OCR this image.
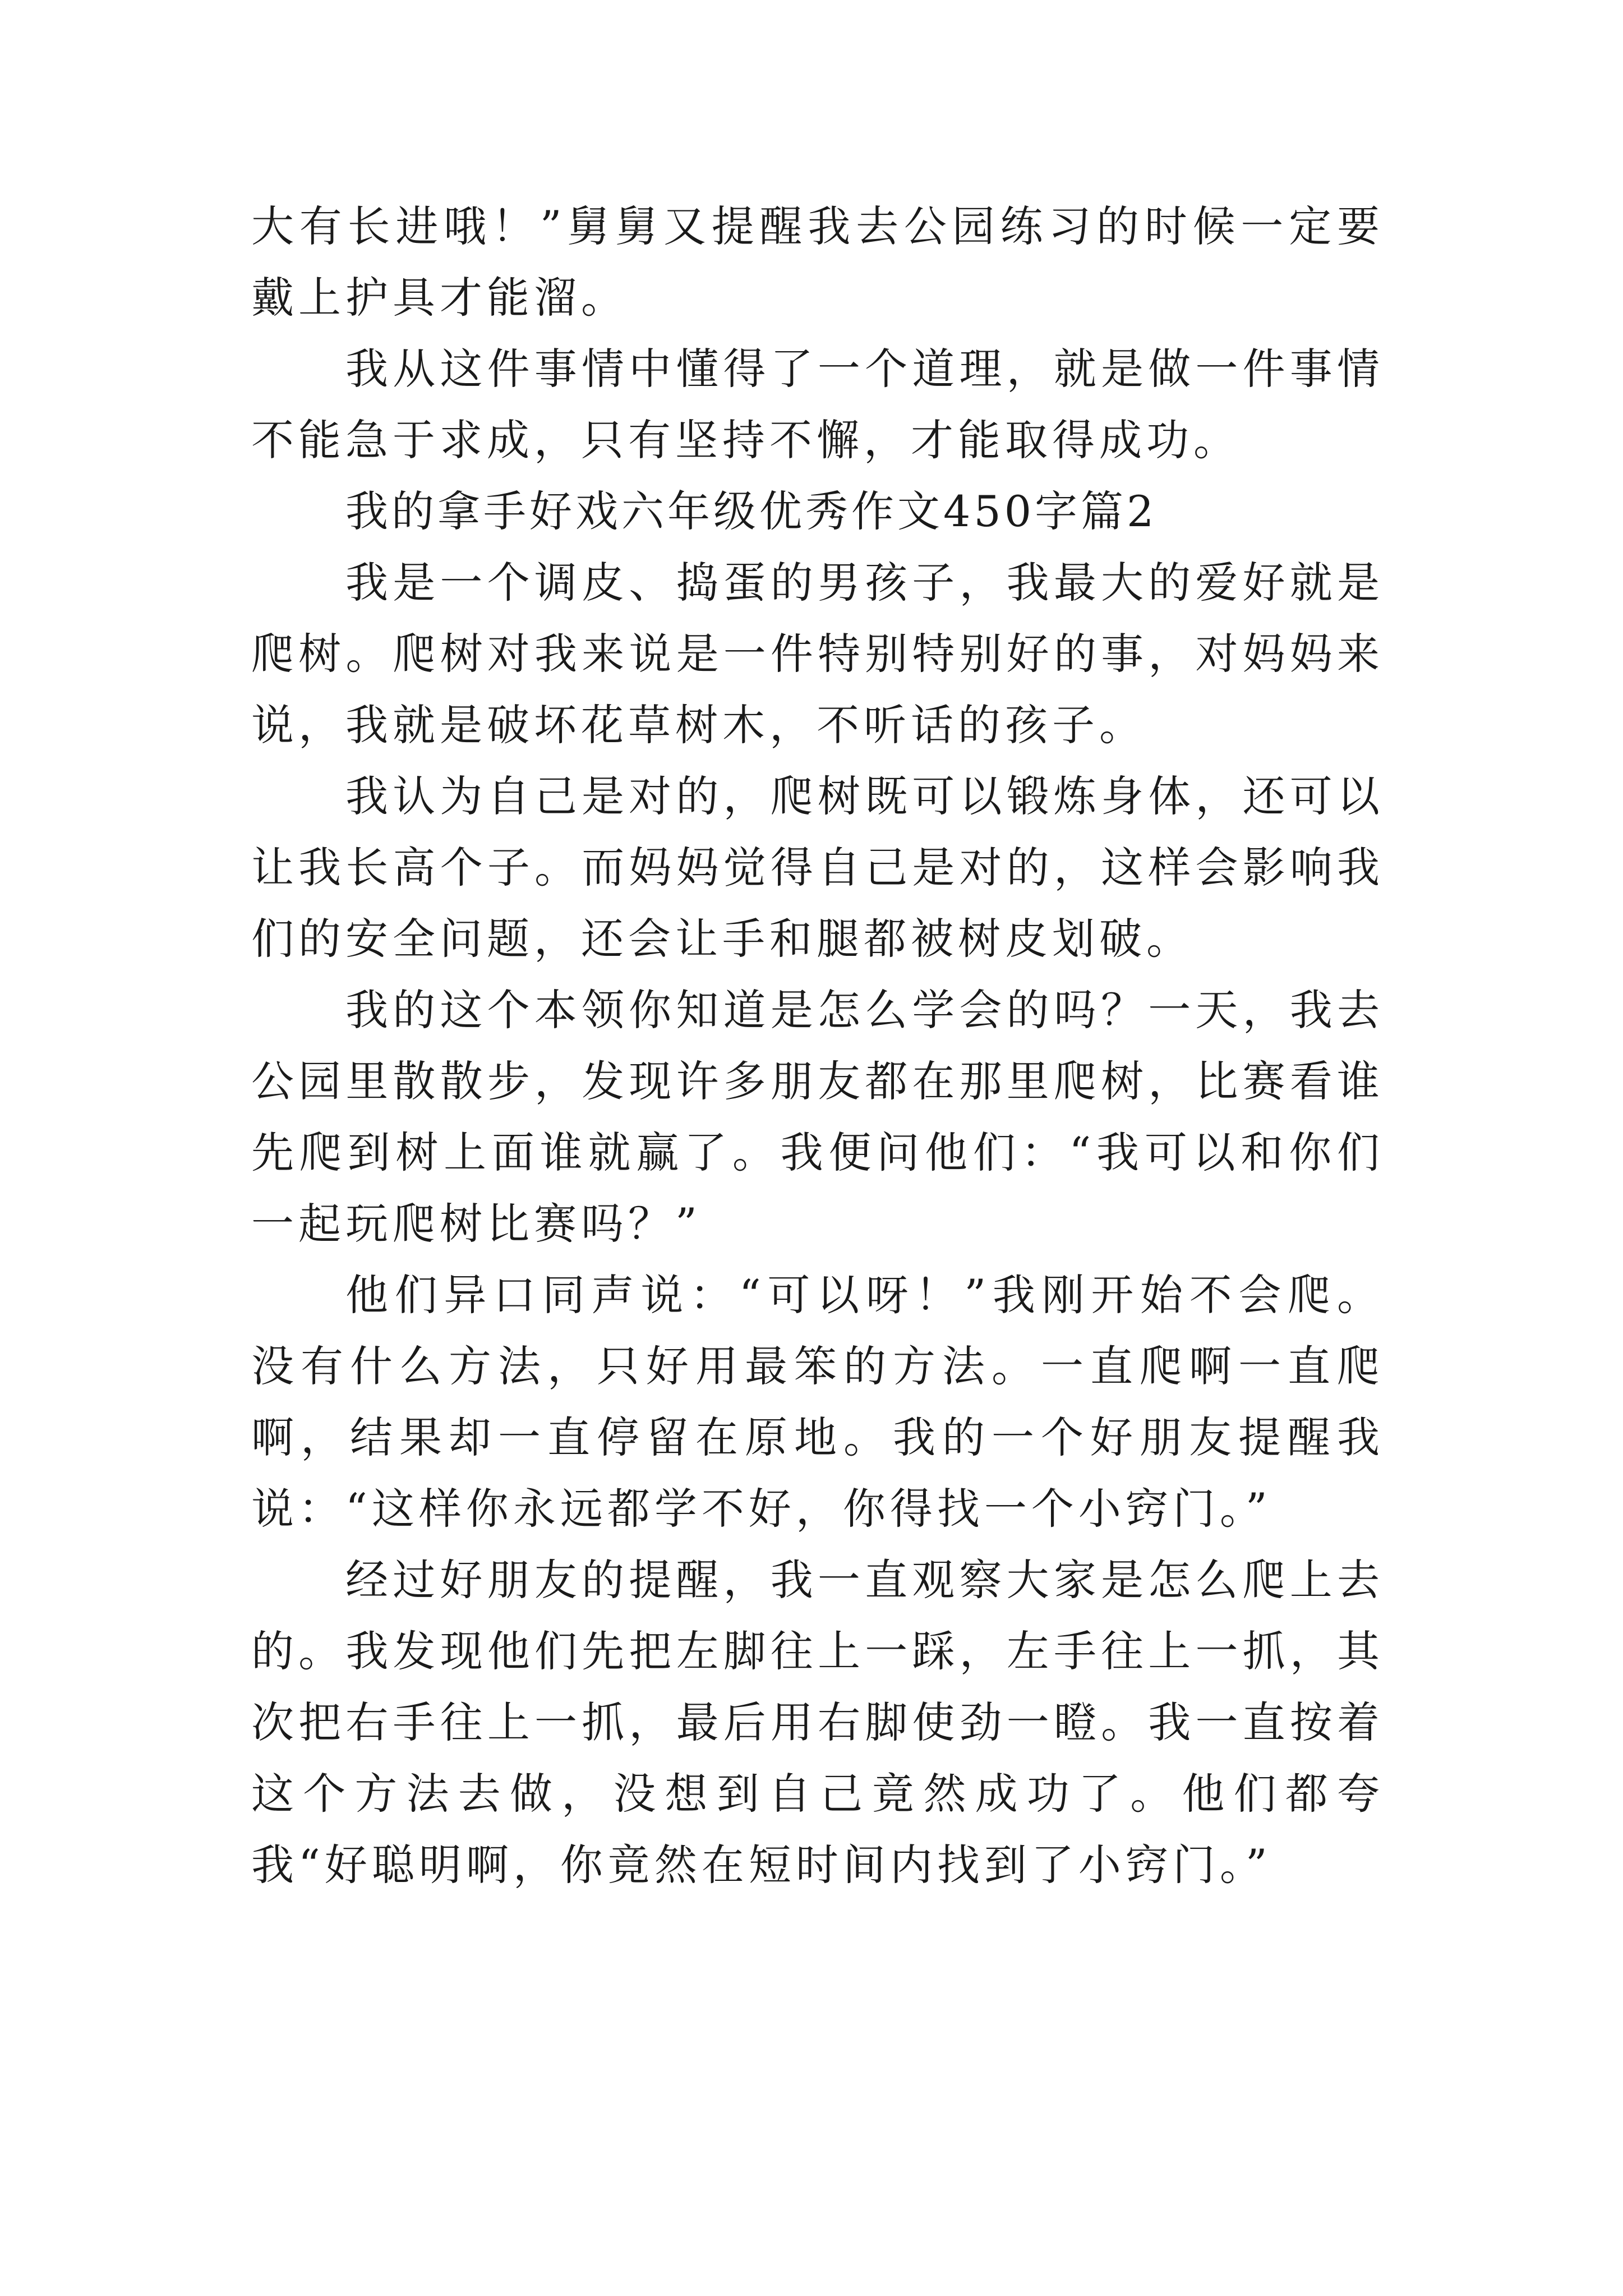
大有长进哦！”舅舅又提醒我去公园练习的时候一定要戴上护具才能溜。

我从这件事情中懂得了一个道理，就是做一件事情不能急于求成，只有坚持不懈，才能取得成功。

我的拿手好戏六年级优秀作文450字篇2

我是一个调皮、捣蛋的男孩子，我最大的爱好就是爬树。爬树对我来说是一件特别特别好的事，对妈妈来说，我就是破坏花草树木，不听话的孩子。

我认为自己是对的，爬树既可以锻炼身体，还可以让我长高个子。而妈妈觉得自己是对的，这样会影响我们的安全问题，还会让手和腿都被树皮划破。

我的这个本领你知道是怎么学会的吗？一天，我去公园里散散步，发现许多朋友都在那里爬树，比赛看谁先爬到树上面谁就赢了。我便问他们：“我可以和你们一起玩爬树比赛吗？”

他们异口同声说：“可以呀！”我刚开始不会爬。没有什么方法，只好用最笨的方法。一直爬啊一直爬啊，结果却一直停留在原地。我的一个好朋友提醒我说：“这样你永远都学不好，你得找一个小窍门。”

经过好朋友的提醒，我一直观察大家是怎么爬上去的。我发现他们先把左脚往上一踩，左手往上一抓，其次把右手往上一抓，最后用右脚使劲一瞪。我一直按着这个方法去做，没想到自己竟然成功了。他们都夸我“好聪明啊，你竟然在短时间内找到了小窍门。”
